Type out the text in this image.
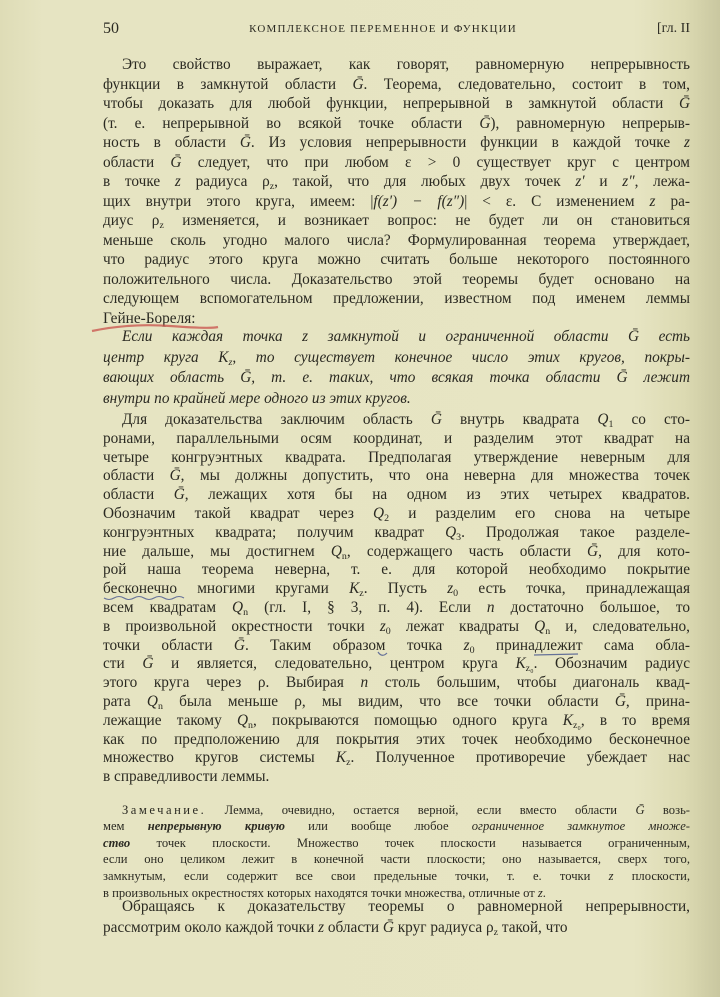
50	КОМПЛЕКСНОЕ ПЕРЕМЕННОЕ И ФУНКЦИИ	[гл. II
Это свойство выражает, как говорят, равномерную непрерывность
функции в замкнутой области Ḡ. Теорема, следовательно, состоит в том,
чтобы доказать для любой функции, непрерывной в замкнутой области Ḡ
(т. е. непрерывной во всякой точке области Ḡ), равномерную непрерыв-
ность в области Ḡ. Из условия непрерывности функции в каждой точке z
области Ḡ следует, что при любом ε > 0 существует круг с центром
в точке z радиуса ρz, такой, что для любых двух точек z′ и z″, лежа-
щих внутри этого круга, имеем: |f(z′) − f(z″)| < ε. С изменением z ра-
диус ρz изменяется, и возникает вопрос: не будет ли он становиться
меньше сколь угодно малого числа? Формулированная теорема утверждает,
что радиус этого круга можно считать больше некоторого постоянного
положительного числа. Доказательство этой теоремы будет основано на
следующем вспомогательном предложении, известном под именем леммы
Гейне-Бореля:
Если каждая точка z замкнутой и ограниченной области Ḡ есть
центр круга Kz, то существует конечное число этих кругов, покры-
вающих область Ḡ, т. е. таких, что всякая точка области Ḡ лежит
внутри по крайней мере одного из этих кругов.
Для доказательства заключим область Ḡ внутрь квадрата Q1 со сто-
ронами, параллельными осям координат, и разделим этот квадрат на
четыре конгруэнтных квадрата. Предполагая утверждение неверным для
области Ḡ, мы должны допустить, что она неверна для множества точек
области Ḡ, лежащих хотя бы на одном из этих четырех квадратов.
Обозначим такой квадрат через Q2 и разделим его снова на четыре
конгруэнтных квадрата; получим квадрат Q3. Продолжая такое разделе-
ние дальше, мы достигнем Qn, содержащего часть области Ḡ, для кото-
рой наша теорема неверна, т. е. для которой необходимо покрытие
бесконечно многими кругами Kz. Пусть z0 есть точка, принадлежащая
всем квадратам Qn (гл. I, § 3, п. 4). Если n достаточно большое, то
в произвольной окрестности точки z0 лежат квадраты Qn и, следовательно,
точки области Ḡ. Таким образом точка z0 принадлежит сама обла-
сти Ḡ и является, следовательно, центром круга Kz₀. Обозначим радиус
этого круга через ρ. Выбирая n столь большим, чтобы диагональ квад-
рата Qn была меньше ρ, мы видим, что все точки области Ḡ, прина-
лежащие такому Qn, покрываются помощью одного круга Kz₀, в то время
как по предположению для покрытия этих точек необходимо бесконечное
множество кругов системы Kz. Полученное противоречие убеждает нас
в справедливости леммы.
Замечание. Лемма, очевидно, остается верной, если вместо области Ḡ возь-
мем непрерывную кривую или вообще любое ограниченное замкнутое множе-
ство точек плоскости. Множество точек плоскости называется ограниченным,
если оно целиком лежит в конечной части плоскости; оно называется, сверх того,
замкнутым, если содержит все свои предельные точки, т. е. точки z плоскости,
в произвольных окрестностях которых находятся точки множества, отличные от z.
Обращаясь к доказательству теоремы о равномерной непрерывности,
рассмотрим около каждой точки z области Ḡ круг радиуса ρz такой, что
